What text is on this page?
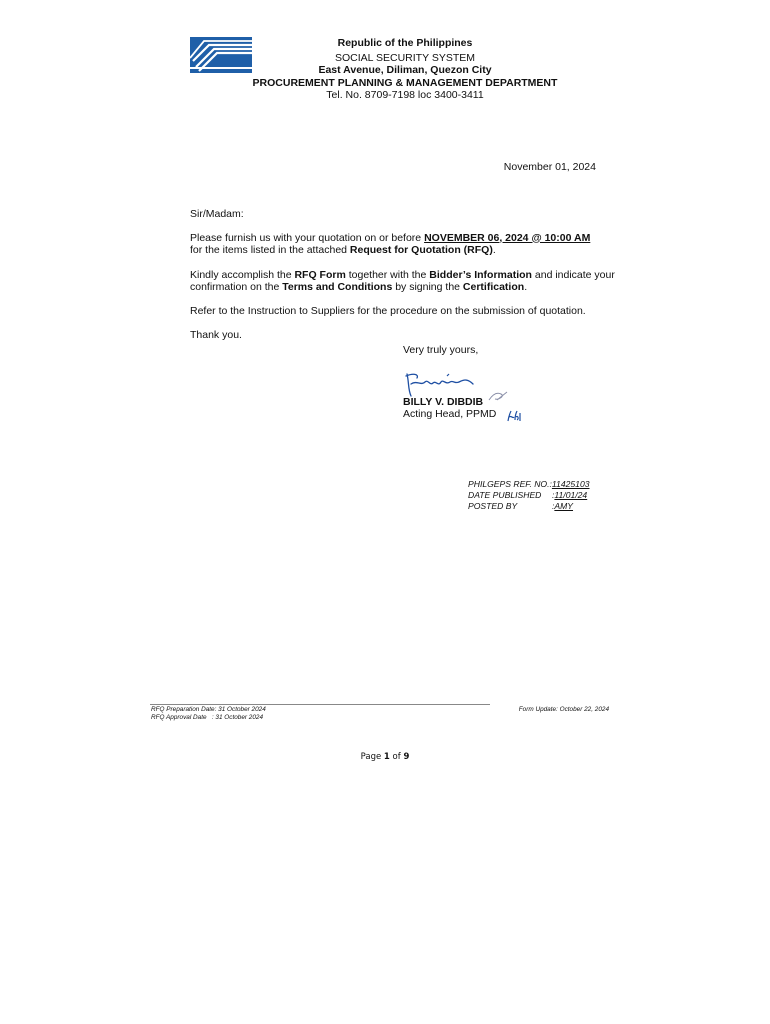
Republic of the Philippines
SOCIAL SECURITY SYSTEM
East Avenue, Diliman, Quezon City
PROCUREMENT PLANNING & MANAGEMENT DEPARTMENT
Tel. No. 8709-7198 loc 3400-3411
November 01, 2024

Sir/Madam:

Please furnish us with your quotation on or before NOVEMBER 06, 2024 @ 10:00 AM
for the items listed in the attached Request for Quotation (RFQ).

Kindly accomplish the RFQ Form together with the Bidder’s Information and indicate your confirmation on the Terms and Conditions by signing the Certification.

Refer to the Instruction to Suppliers for the procedure on the submission of quotation.

Thank you.

Very truly yours,
BILLY V. DIBDIB
Acting Head, PPMD
PHILGEPS REF. NO.: 11425103
DATE PUBLISHED	: 11/01/24
POSTED BY	: AMY
RFQ Preparation Date : 31 October 2024
RFQ Approval Date
: 31 October 2024
Form Update: October 22, 2024
Page 1 of 9
